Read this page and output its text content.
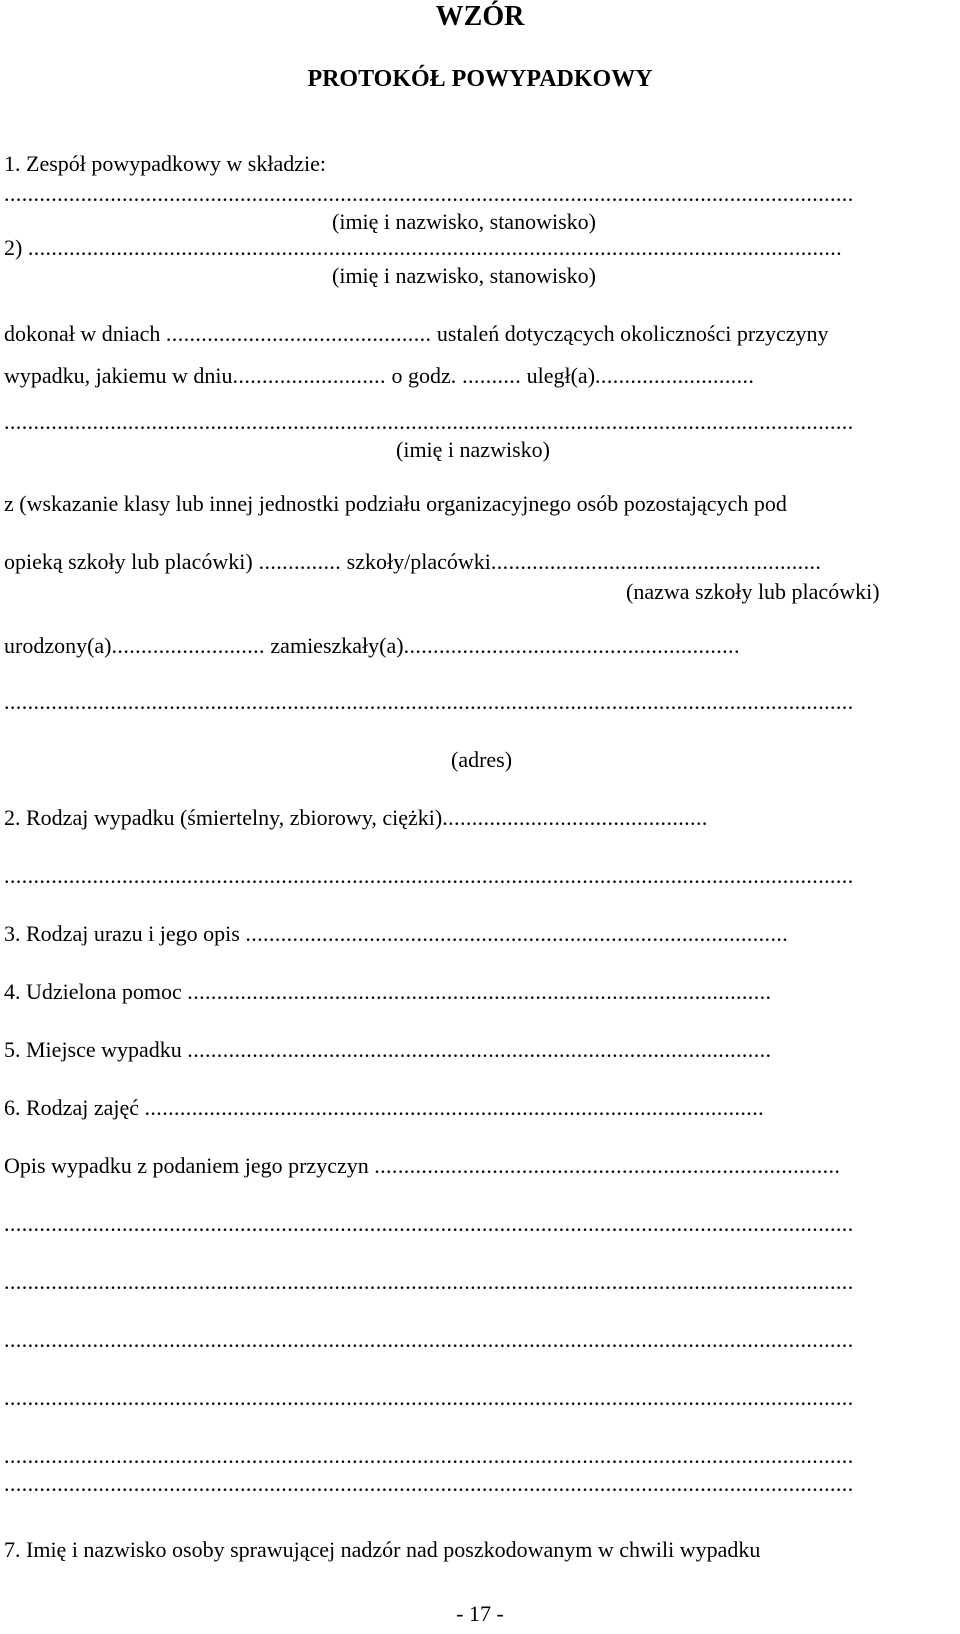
WZÓR
PROTOKÓŁ POWYPADKOWY
1. Zespół powypadkowy w składzie:
................................................................................................................................................
(imię i nazwisko, stanowisko)
2) ..........................................................................................................................................
(imię i nazwisko, stanowisko)
dokonał w dniach ............................................. ustaleń dotyczących okoliczności przyczyny
wypadku, jakiemu w dniu.......................... o godz. .......... uległ(a)...........................
................................................................................................................................................
(imię i nazwisko)
z (wskazanie klasy lub innej jednostki podziału organizacyjnego osób pozostających pod
opieką szkoły lub placówki) .............. szkoły/placówki........................................................
(nazwa szkoły lub placówki)
urodzony(a).......................... zamieszkały(a).........................................................
................................................................................................................................................
(adres)
2. Rodzaj wypadku (śmiertelny, zbiorowy, ciężki).............................................
................................................................................................................................................
3. Rodzaj urazu i jego opis ............................................................................................
4. Udzielona pomoc ...................................................................................................
5. Miejsce wypadku ...................................................................................................
6. Rodzaj zajęć .........................................................................................................
Opis wypadku z podaniem jego przyczyn ...............................................................................
................................................................................................................................................
................................................................................................................................................
................................................................................................................................................
................................................................................................................................................
................................................................................................................................................
................................................................................................................................................
7. Imię i nazwisko osoby sprawującej nadzór nad poszkodowanym w chwili wypadku
- 17 -
